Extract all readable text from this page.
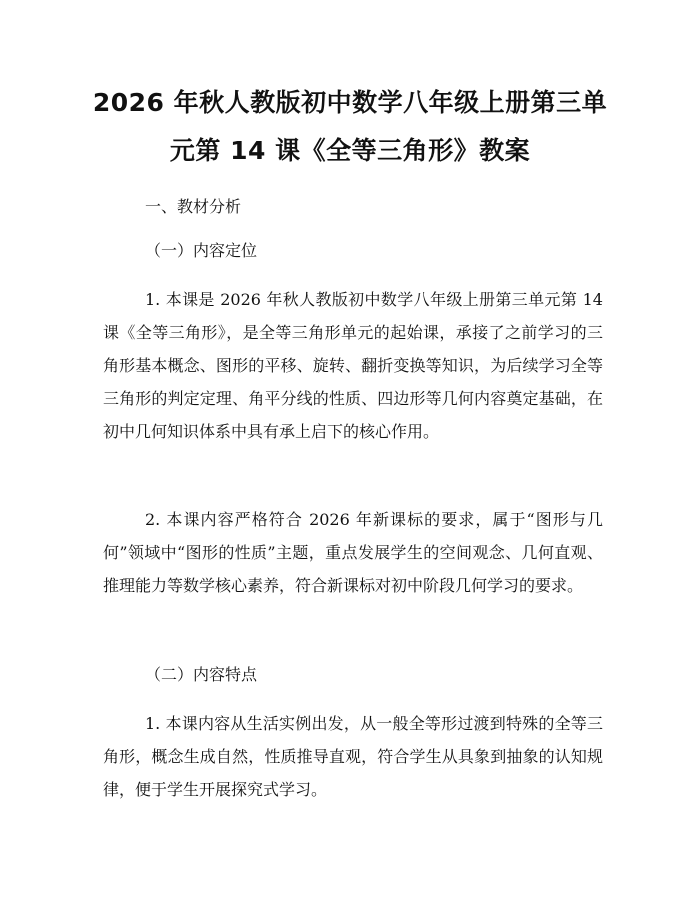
2026 年秋人教版初中数学八年级上册第三单
元第 14 课《全等三角形》教案
一、教材分析
（一）内容定位
1. 本课是 2026 年秋人教版初中数学八年级上册第三单元第 14 课《全等三角形》，是全等三角形单元的起始课，承接了之前学习的三角形基本概念、图形的平移、旋转、翻折变换等知识，为后续学习全等三角形的判定定理、角平分线的性质、四边形等几何内容奠定基础，在初中几何知识体系中具有承上启下的核心作用。
2. 本课内容严格符合 2026 年新课标的要求，属于“图形与几何”领域中“图形的性质”主题，重点发展学生的空间观念、几何直观、推理能力等数学核心素养，符合新课标对初中阶段几何学习的要求。
（二）内容特点
1. 本课内容从生活实例出发，从一般全等形过渡到特殊的全等三角形，概念生成自然，性质推导直观，符合学生从具象到抽象的认知规律，便于学生开展探究式学习。
